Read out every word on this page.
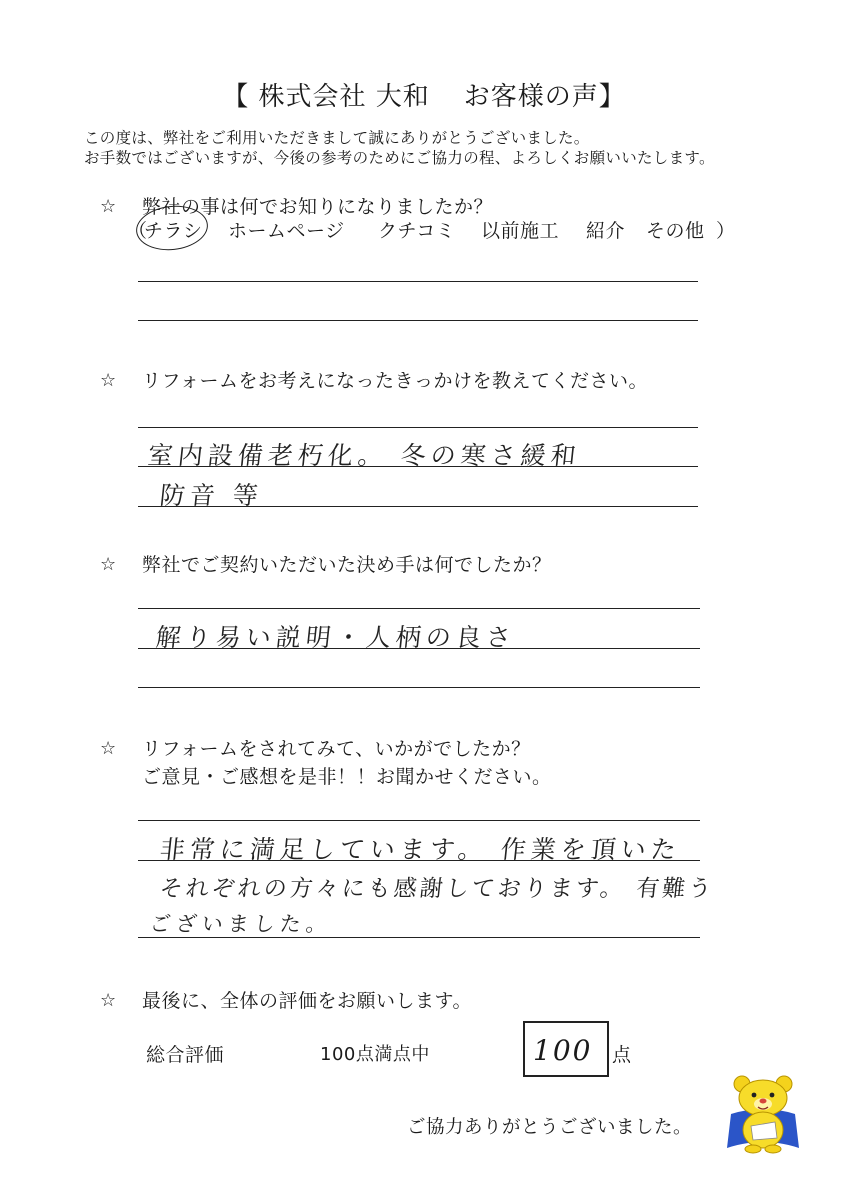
【 株式会社 大和 お客様の声】
この度は、弊社をご利用いただきまして誠にありがとうございました。
お手数ではございますが、今後の参考のためにご協力の程、よろしくお願いいたします。
☆ 弊社の事は何でお知りになりましたか？
（
チラシ	ホームページ	クチコミ	以前施工	紹介	その他 ）
☆ リフォームをお考えになったきっかけを教えてください。
室内設備老朽化。 冬の寒さ緩和
防音 等
☆ 弊社でご契約いただいた決め手は何でしたか？
解り易い説明・人柄の良さ
☆ リフォームをされてみて、いかがでしたか？
ご意見・ご感想を是非！！お聞かせください。
非常に満足しています。 作業を頂いた
それぞれの方々にも感謝しております。 有難う
ございました。
☆ 最後に、全体の評価をお願いします。
総合評価	100点満点中	100 点
ご協力ありがとうございました。
